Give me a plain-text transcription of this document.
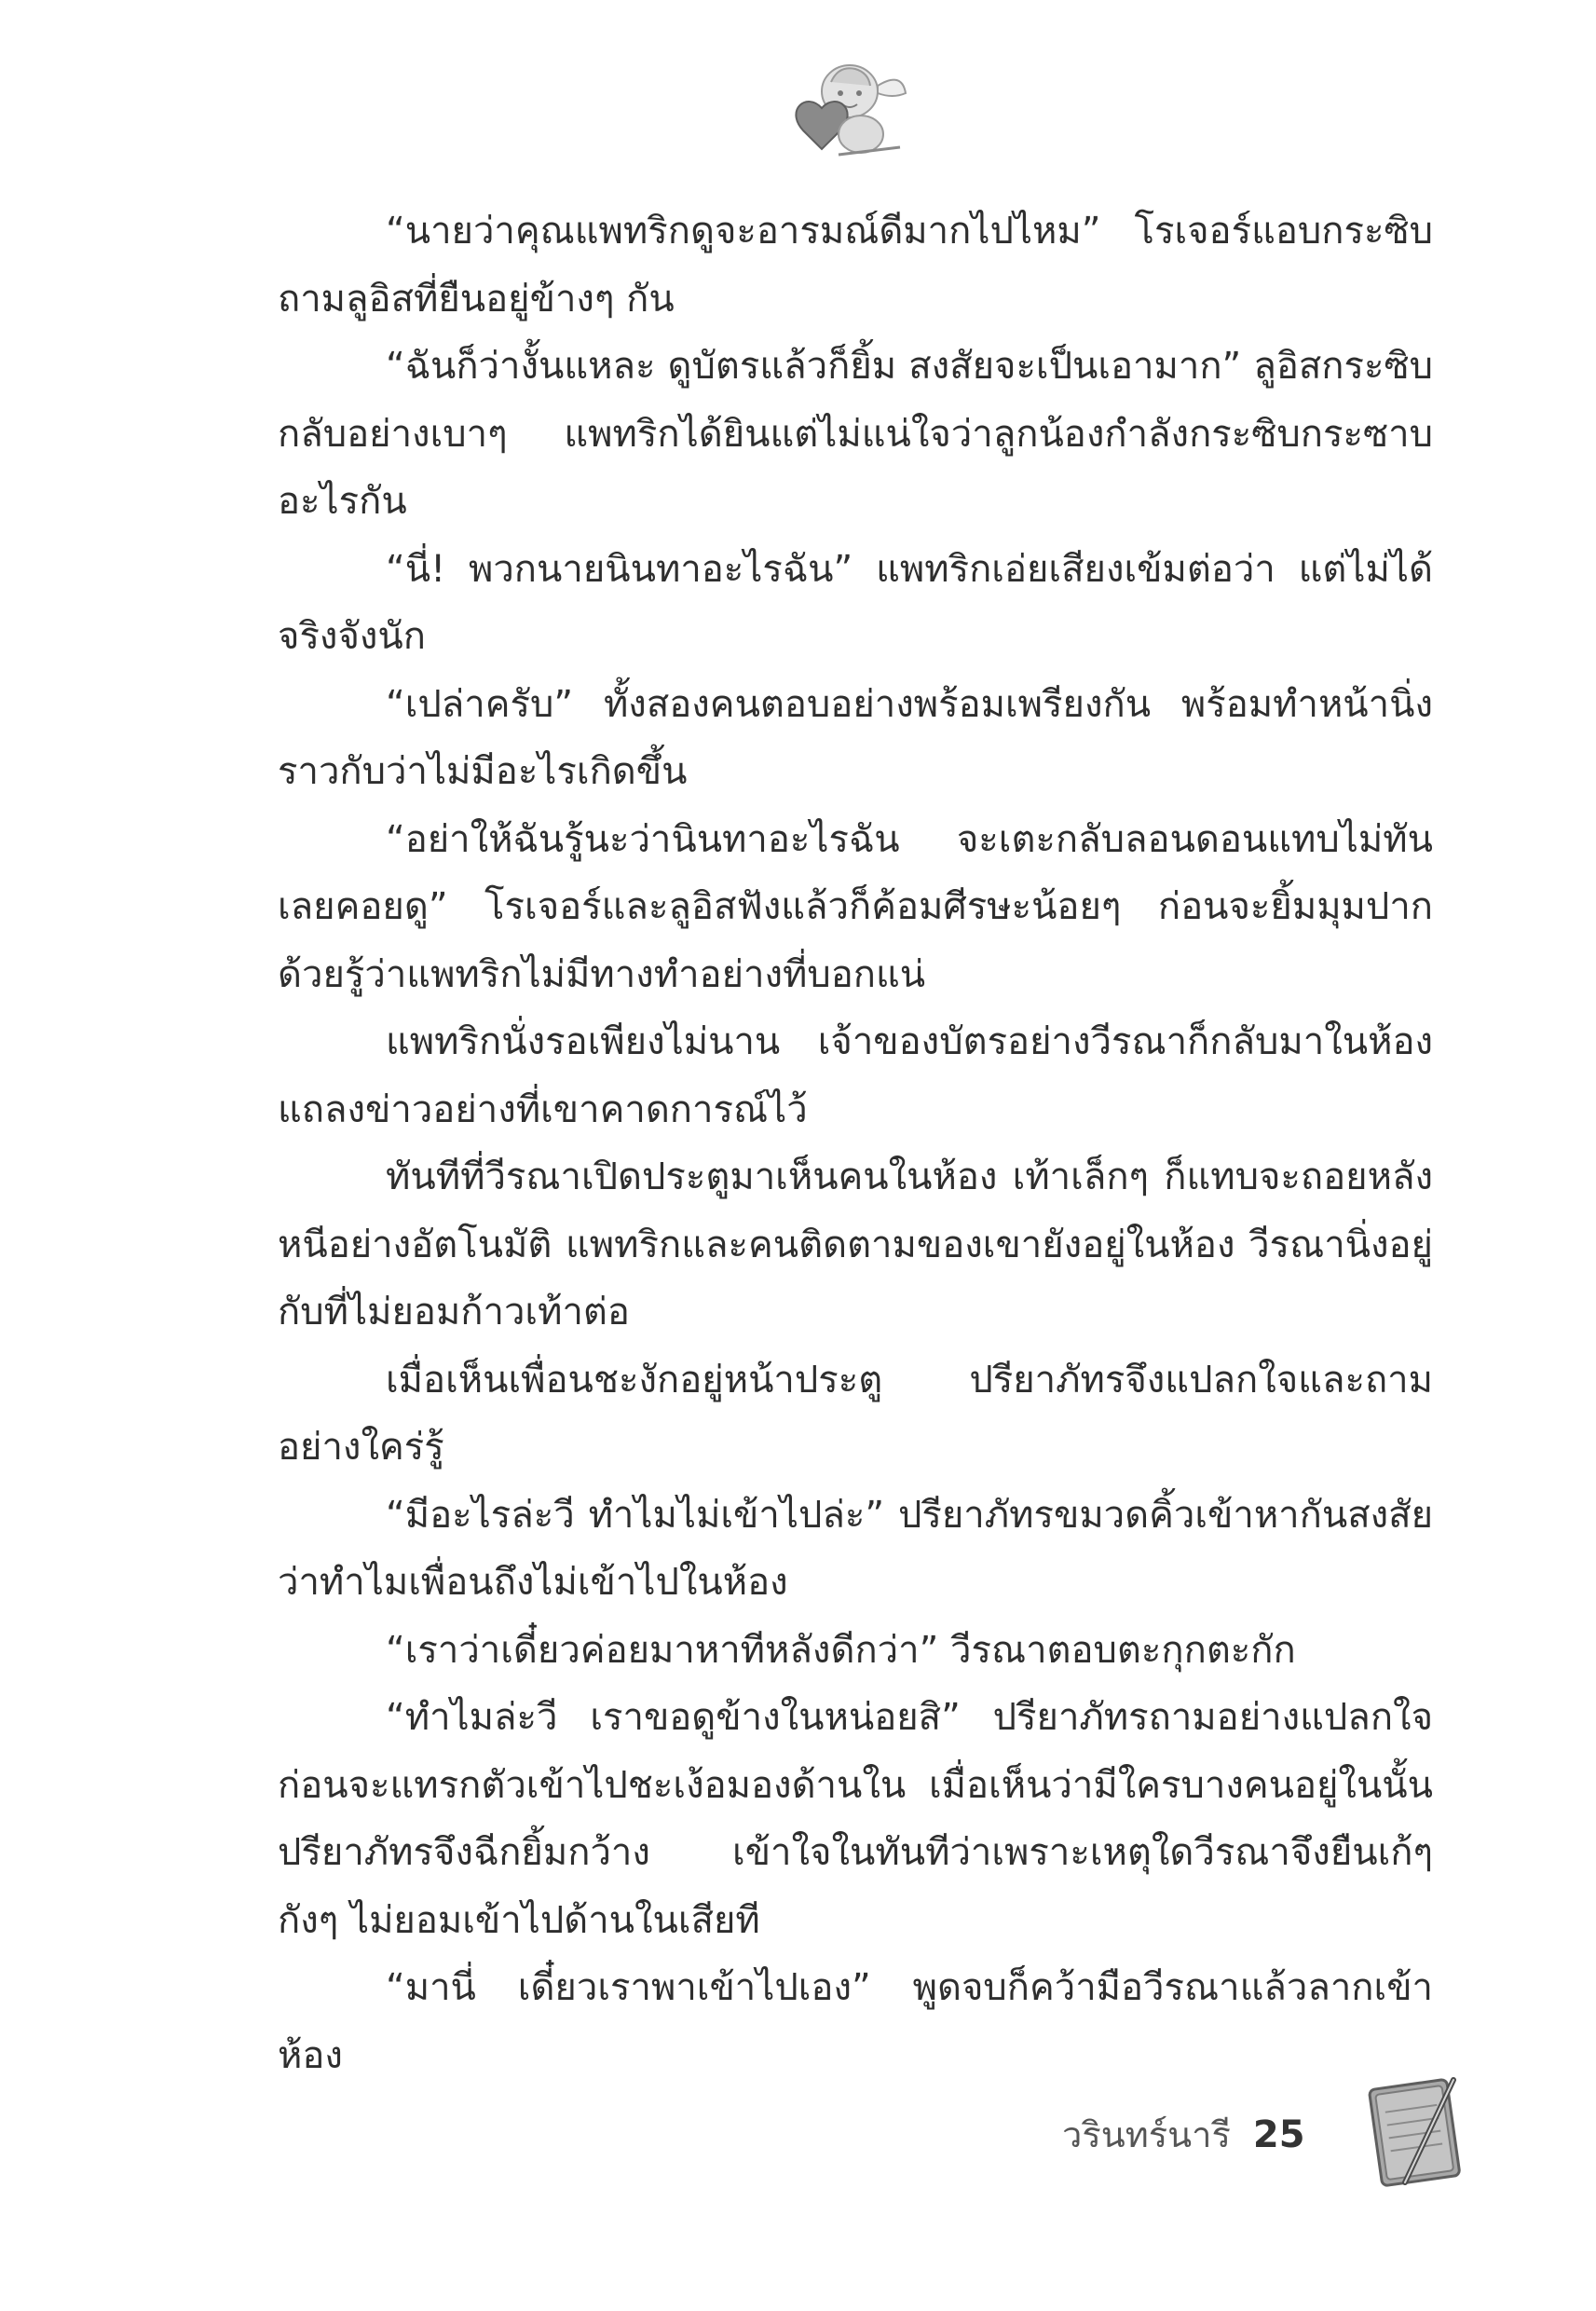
“นายว่าคุณแพทริกดูจะอารมณ์ดีมากไปไหม” โรเจอร์แอบกระซิบถามลูอิสที่ยืนอยู่ข้างๆ กัน

“ฉันก็ว่างั้นแหละ ดูบัตรแล้วก็ยิ้ม สงสัยจะเป็นเอามาก” ลูอิสกระซิบกลับอย่างเบาๆ แพทริกได้ยินแต่ไม่แน่ใจว่าลูกน้องกำลังกระซิบกระซาบอะไรกัน

“นี่! พวกนายนินทาอะไรฉัน” แพทริกเอ่ยเสียงเข้มต่อว่า แต่ไม่ได้จริงจังนัก

“เปล่าครับ” ทั้งสองคนตอบอย่างพร้อมเพรียงกัน พร้อมทำหน้านิ่งราวกับว่าไม่มีอะไรเกิดขึ้น

“อย่าให้ฉันรู้นะว่านินทาอะไรฉัน จะเตะกลับลอนดอนแทบไม่ทันเลยคอยดู” โรเจอร์และลูอิสฟังแล้วก็ค้อมศีรษะน้อยๆ ก่อนจะยิ้มมุมปากด้วยรู้ว่าแพทริกไม่มีทางทำอย่างที่บอกแน่

แพทริกนั่งรอเพียงไม่นาน เจ้าของบัตรอย่างวีรณาก็กลับมาในห้องแถลงข่าวอย่างที่เขาคาดการณ์ไว้

ทันทีที่วีรณาเปิดประตูมาเห็นคนในห้อง เท้าเล็กๆ ก็แทบจะถอยหลังหนีอย่างอัตโนมัติ แพทริกและคนติดตามของเขายังอยู่ในห้อง วีรณานิ่งอยู่กับที่ไม่ยอมก้าวเท้าต่อ

เมื่อเห็นเพื่อนชะงักอยู่หน้าประตู ปรียาภัทรจึงแปลกใจและถามอย่างใคร่รู้

“มีอะไรล่ะวี ทำไมไม่เข้าไปล่ะ” ปรียาภัทรขมวดคิ้วเข้าหากันสงสัยว่าทำไมเพื่อนถึงไม่เข้าไปในห้อง

“เราว่าเดี๋ยวค่อยมาหาทีหลังดีกว่า” วีรณาตอบตะกุกตะกัก

“ทำไมล่ะวี เราขอดูข้างในหน่อยสิ” ปรียาภัทรถามอย่างแปลกใจก่อนจะแทรกตัวเข้าไปชะเง้อมองด้านใน เมื่อเห็นว่ามีใครบางคนอยู่ในนั้น ปรียาภัทรจึงฉีกยิ้มกว้าง เข้าใจในทันทีว่าเพราะเหตุใดวีรณาจึงยืนเก้ๆ กังๆ ไม่ยอมเข้าไปด้านในเสียที

“มานี่ เดี๋ยวเราพาเข้าไปเอง” พูดจบก็คว้ามือวีรณาแล้วลากเข้าห้อง

วรินทร์นารี 25
